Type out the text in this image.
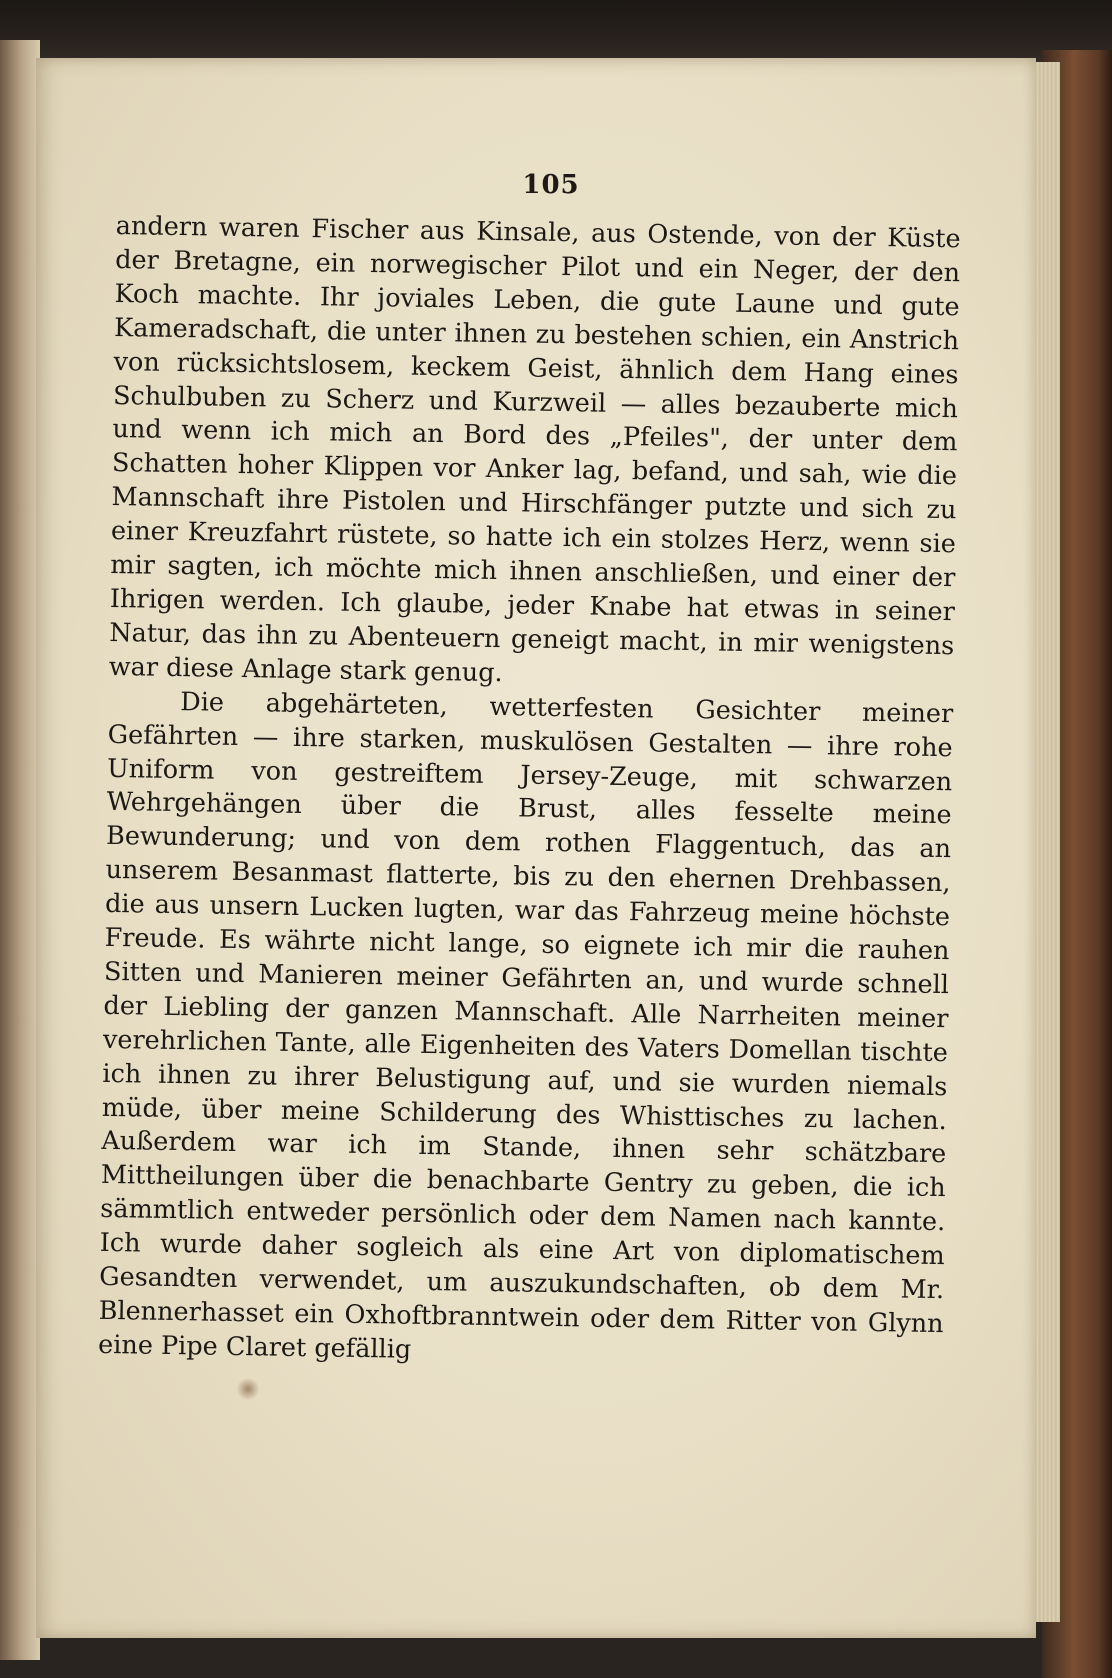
105

andern waren Fischer aus Kinsale, aus Ostende, von der Küste der Bretagne, ein norwegischer Pilot und ein Neger, der den Koch machte. Ihr joviales Leben, die gute Laune und gute Kameradschaft, die unter ihnen zu bestehen schien, ein Anstrich von rücksichtslosem, keckem Geist, ähnlich dem Hang eines Schulbuben zu Scherz und Kurzweil — alles bezauberte mich und wenn ich mich an Bord des „Pfeiles", der unter dem Schatten hoher Klippen vor Anker lag, befand, und sah, wie die Mannschaft ihre Pistolen und Hirschfänger putzte und sich zu einer Kreuzfahrt rüstete, so hatte ich ein stolzes Herz, wenn sie mir sagten, ich möchte mich ihnen anschließen, und einer der Ihrigen werden. Ich glaube, jeder Knabe hat etwas in seiner Natur, das ihn zu Abenteuern geneigt macht, in mir wenigstens war diese Anlage stark genug.

Die abgehärteten, wetterfesten Gesichter meiner Gefährten — ihre starken, muskulösen Gestalten — ihre rohe Uniform von gestreiftem Jersey-Zeuge, mit schwarzen Wehrgehängen über die Brust, alles fesselte meine Bewunderung; und von dem rothen Flaggentuch, das an unserem Besanmast flatterte, bis zu den ehernen Drehbassen, die aus unsern Lucken lugten, war das Fahrzeug meine höchste Freude. Es währte nicht lange, so eignete ich mir die rauhen Sitten und Manieren meiner Gefährten an, und wurde schnell der Liebling der ganzen Mannschaft. Alle Narrheiten meiner verehrlichen Tante, alle Eigenheiten des Vaters Domellan tischte ich ihnen zu ihrer Belustigung auf, und sie wurden niemals müde, über meine Schilderung des Whisttisches zu lachen. Außerdem war ich im Stande, ihnen sehr schätzbare Mittheilungen über die benachbarte Gentry zu geben, die ich sämmtlich entweder persönlich oder dem Namen nach kannte. Ich wurde daher sogleich als eine Art von diplomatischem Gesandten verwendet, um auszukundschaften, ob dem Mr. Blennerhasset ein Oxhoftbranntwein oder dem Ritter von Glynn eine Pipe Claret gefällig
